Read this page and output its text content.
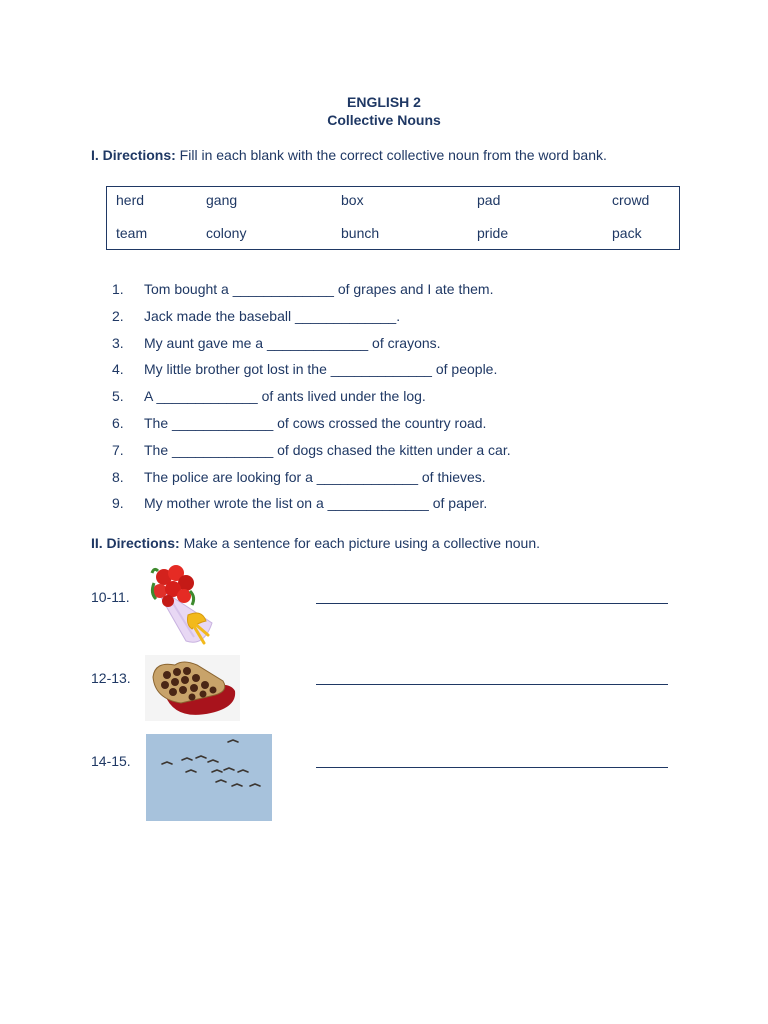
ENGLISH 2
Collective Nouns
I. Directions: Fill in each blank with the correct collective noun from the word bank.
herd	gang	box	pad	crowd
team	colony	bunch	pride	pack
1. Tom bought a _____________ of grapes and I ate them.
2. Jack made the baseball _____________.
3. My aunt gave me a _____________ of crayons.
4. My little brother got lost in the _____________ of people.
5. A _____________ of ants lived under the log.
6. The _____________ of cows crossed the country road.
7. The _____________ of dogs chased the kitten under a car.
8. The police are looking for a _____________ of thieves.
9. My mother wrote the list on a _____________ of paper.
II. Directions: Make a sentence for each picture using a collective noun.
10-11.
12-13.
14-15.
